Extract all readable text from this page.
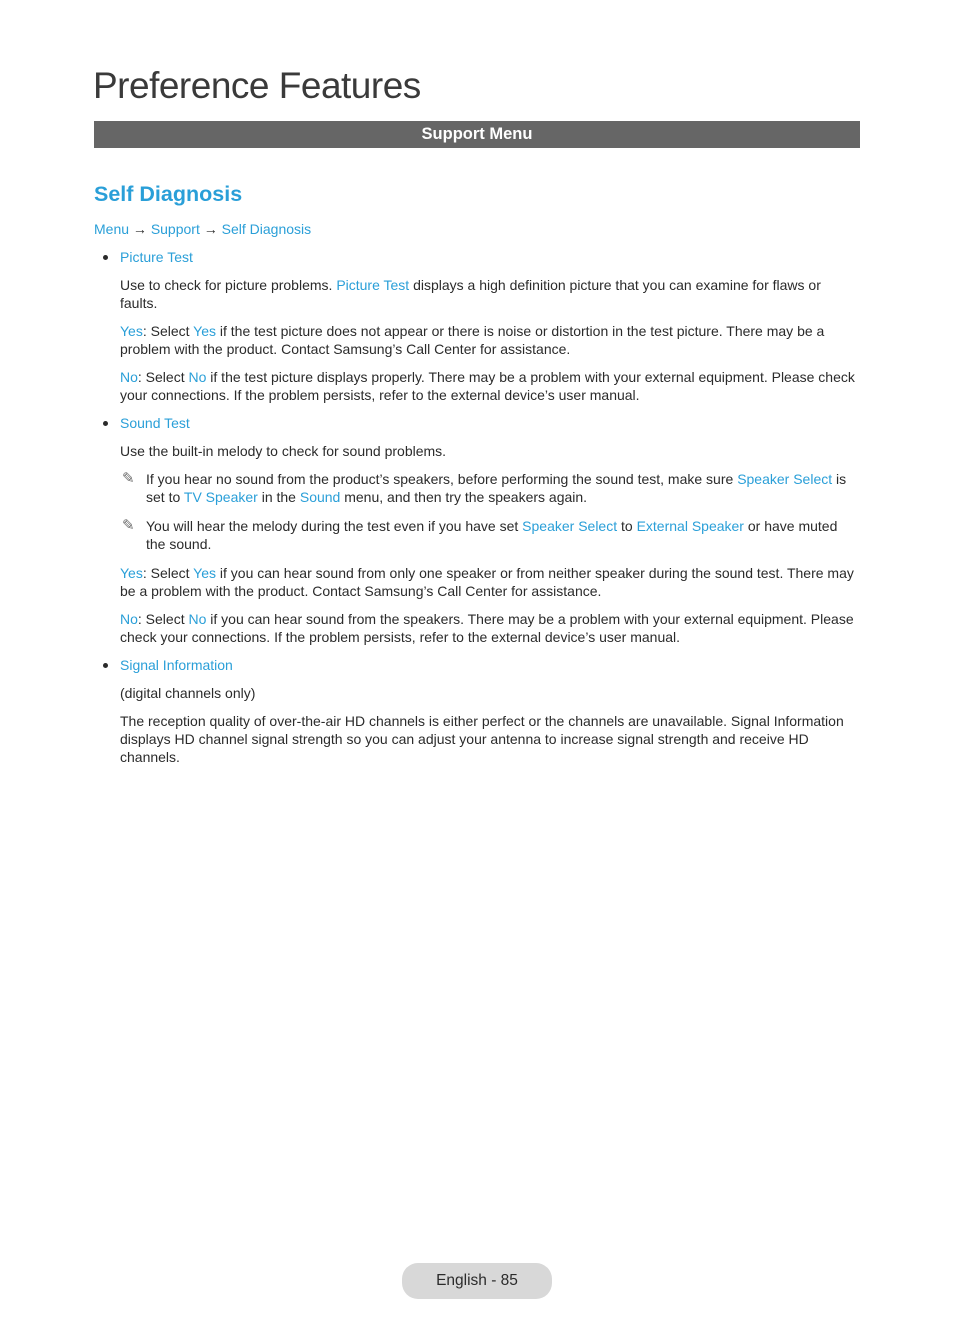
Preference Features
Support Menu
Self Diagnosis

Menu → Support → Self Diagnosis

Picture Test

Use to check for picture problems. Picture Test displays a high definition picture that you can examine for flaws or faults.

Yes: Select Yes if the test picture does not appear or there is noise or distortion in the test picture. There may be a problem with the product. Contact Samsung’s Call Center for assistance.

No: Select No if the test picture displays properly. There may be a problem with your external equipment. Please check your connections. If the problem persists, refer to the external device’s user manual.

Sound Test

Use the built-in melody to check for sound problems.

✎ If you hear no sound from the product’s speakers, before performing the sound test, make sure Speaker Select is set to TV Speaker in the Sound menu, and then try the speakers again.

✎ You will hear the melody during the test even if you have set Speaker Select to External Speaker or have muted the sound.

Yes: Select Yes if you can hear sound from only one speaker or from neither speaker during the sound test. There may be a problem with the product. Contact Samsung’s Call Center for assistance.

No: Select No if you can hear sound from the speakers. There may be a problem with your external equipment. Please check your connections. If the problem persists, refer to the external device’s user manual.

Signal Information

(digital channels only)

The reception quality of over-the-air HD channels is either perfect or the channels are unavailable. Signal Information displays HD channel signal strength so you can adjust your antenna to increase signal strength and receive HD channels.

English - 85
